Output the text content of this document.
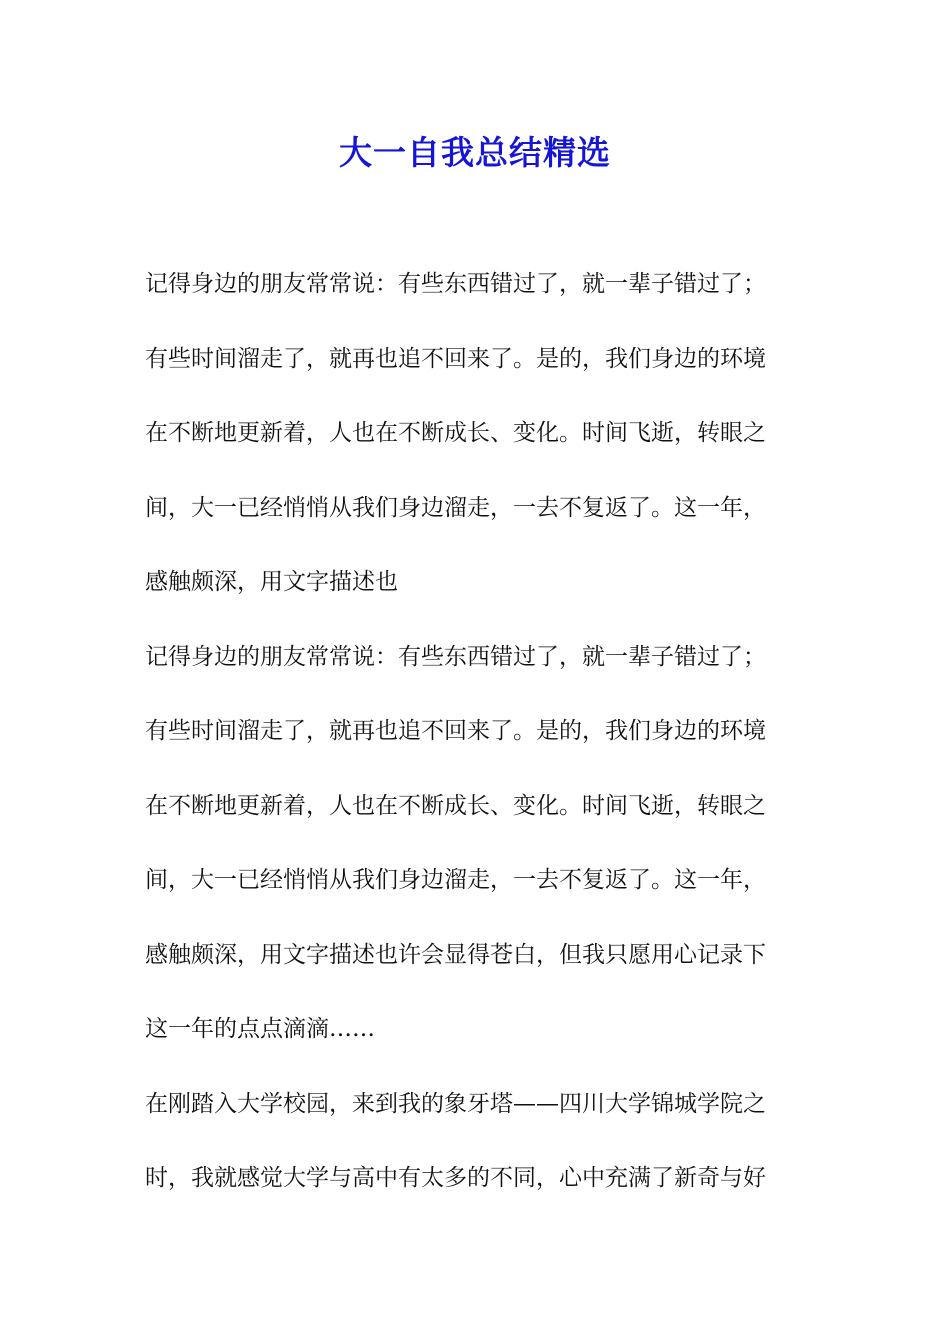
大一自我总结精选
记得身边的朋友常常说：有些东西错过了，就一辈子错过了；
有些时间溜走了，就再也追不回来了。是的，我们身边的环境
在不断地更新着，人也在不断成长、变化。时间飞逝，转眼之
间，大一已经悄悄从我们身边溜走，一去不复返了。这一年，
感触颇深，用文字描述也
记得身边的朋友常常说：有些东西错过了，就一辈子错过了；
有些时间溜走了，就再也追不回来了。是的，我们身边的环境
在不断地更新着，人也在不断成长、变化。时间飞逝，转眼之
间，大一已经悄悄从我们身边溜走，一去不复返了。这一年，
感触颇深，用文字描述也许会显得苍白，但我只愿用心记录下
这一年的点点滴滴……
在刚踏入大学校园，来到我的象牙塔——四川大学锦城学院之
时，我就感觉大学与高中有太多的不同，心中充满了新奇与好
